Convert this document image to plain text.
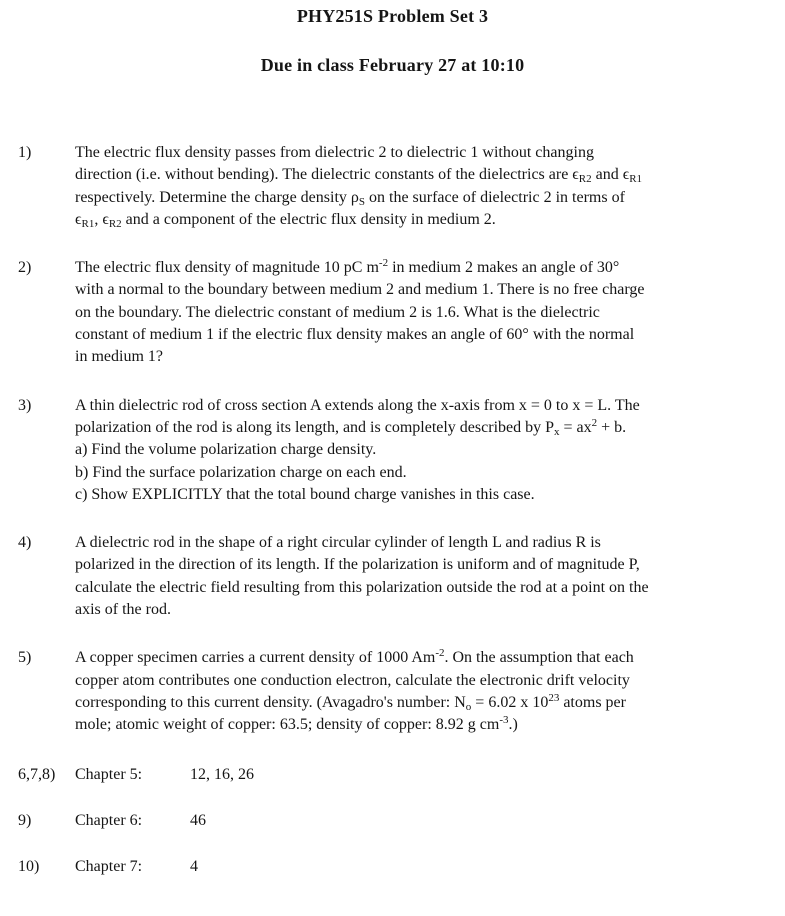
PHY251S Problem Set 3
Due in class February 27 at 10:10
1)	The electric flux density passes from dielectric 2 to dielectric 1 without changing
direction (i.e. without bending). The dielectric constants of the dielectrics are $\epsilon_{R2}$ and $\epsilon_{R1}$
respectively. Determine the charge density $\rho_S$ on the surface of dielectric 2 in terms of
$\epsilon_{R1}$, $\epsilon_{R2}$ and a component of the electric flux density in medium 2.
2)	The electric flux density of magnitude 10 pC $m^{-2}$ in medium 2 makes an angle of 30°
with a normal to the boundary between medium 2 and medium 1. There is no free charge
on the boundary. The dielectric constant of medium 2 is 1.6. What is the dielectric
constant of medium 1 if the electric flux density makes an angle of 60° with the normal
in medium 1?
3)	A thin dielectric rod of cross section A extends along the x-axis from x = 0 to x = L. The
polarization of the rod is along its length, and is completely described by $P_x = ax^2 + b$.
a) Find the volume polarization charge density.
b) Find the surface polarization charge on each end.
c) Show EXPLICITLY that the total bound charge vanishes in this case.
4)	A dielectric rod in the shape of a right circular cylinder of length L and radius R is
polarized in the direction of its length. If the polarization is uniform and of magnitude P,
calculate the electric field resulting from this polarization outside the rod at a point on the
axis of the rod.
5)	A copper specimen carries a current density of 1000 $Am^{-2}$. On the assumption that each
copper atom contributes one conduction electron, calculate the electronic drift velocity
corresponding to this current density. (Avagadro's number: $N_o = 6.02$ x $10^{23}$ atoms per
mole; atomic weight of copper: 63.5; density of copper: 8.92 g $cm^{-3}$.)
6,7,8)	Chapter 5:	12, 16, 26
9)	Chapter 6:	46
10)	Chapter 7:	4
